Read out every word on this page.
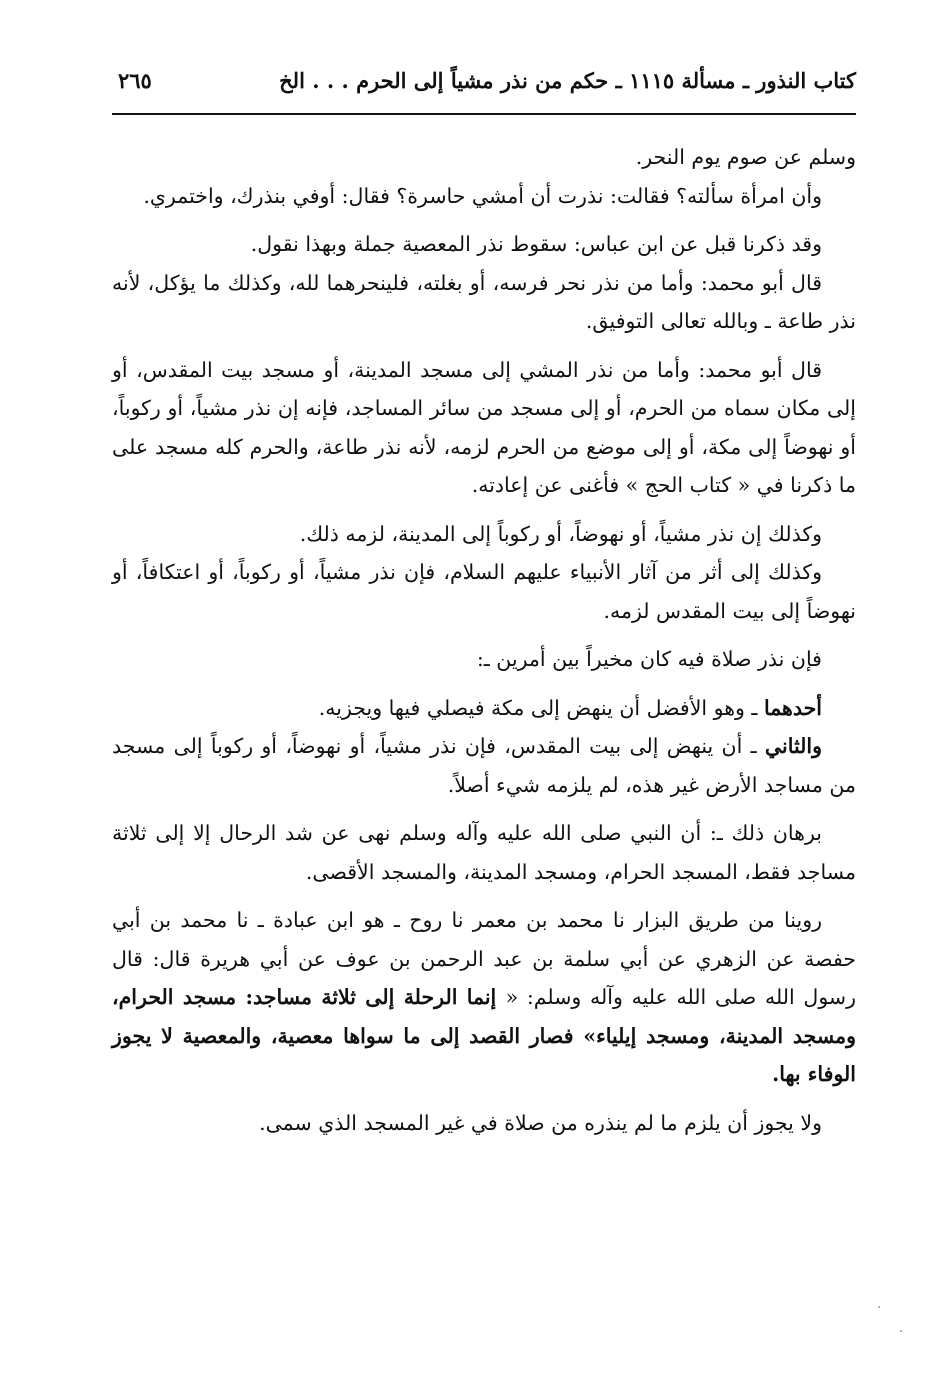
كتاب النذور ـ مسألة ١١١٥ ـ حكم من نذر مشياً إلى الحرم . . . الخ
٢٦٥

وسلم عن صوم يوم النحر.

وأن امرأة سألته؟ فقالت: نذرت أن أمشي حاسرة؟ فقال: أوفي بنذرك، واختمري.

وقد ذكرنا قبل عن ابن عباس: سقوط نذر المعصية جملة وبهذا نقول.

قال أبو محمد: وأما من نذر نحر فرسه، أو بغلته، فلينحرهما لله، وكذلك ما يؤكل، لأنه نذر طاعة ـ وبالله تعالى التوفيق.

قال أبو محمد: وأما من نذر المشي إلى مسجد المدينة، أو مسجد بيت المقدس، أو إلى مكان سماه من الحرم، أو إلى مسجد من سائر المساجد، فإنه إن نذر مشياً، أو ركوباً، أو نهوضاً إلى مكة، أو إلى موضع من الحرم لزمه، لأنه نذر طاعة، والحرم كله مسجد على ما ذكرنا في « كتاب الحج » فأغنى عن إعادته.

وكذلك إن نذر مشياً، أو نهوضاً، أو ركوباً إلى المدينة، لزمه ذلك.

وكذلك إلى أثر من آثار الأنبياء عليهم السلام، فإن نذر مشياً، أو ركوباً، أو اعتكافاً، أو نهوضاً إلى بيت المقدس لزمه.

فإن نذر صلاة فيه كان مخيراً بين أمرين ـ:

أحدهما ـ وهو الأفضل أن ينهض إلى مكة فيصلي فيها ويجزيه.

والثاني ـ أن ينهض إلى بيت المقدس، فإن نذر مشياً، أو نهوضاً، أو ركوباً إلى مسجد من مساجد الأرض غير هذه، لم يلزمه شيء أصلاً.

برهان ذلك ـ: أن النبي صلى الله عليه وآله وسلم نهى عن شد الرحال إلا إلى ثلاثة مساجد فقط، المسجد الحرام، ومسجد المدينة، والمسجد الأقصى.

روينا من طريق البزار نا محمد بن معمر نا روح ـ هو ابن عبادة ـ نا محمد بن أبي حفصة عن الزهري عن أبي سلمة بن عبد الرحمن بن عوف عن أبي هريرة قال: قال رسول الله صلى الله عليه وآله وسلم: « إنما الرحلة إلى ثلاثة مساجد: مسجد الحرام، ومسجد المدينة، ومسجد إيلياء» فصار القصد إلى ما سواها معصية، والمعصية لا يجوز الوفاء بها.

ولا يجوز أن يلزم ما لم ينذره من صلاة في غير المسجد الذي سمى.
